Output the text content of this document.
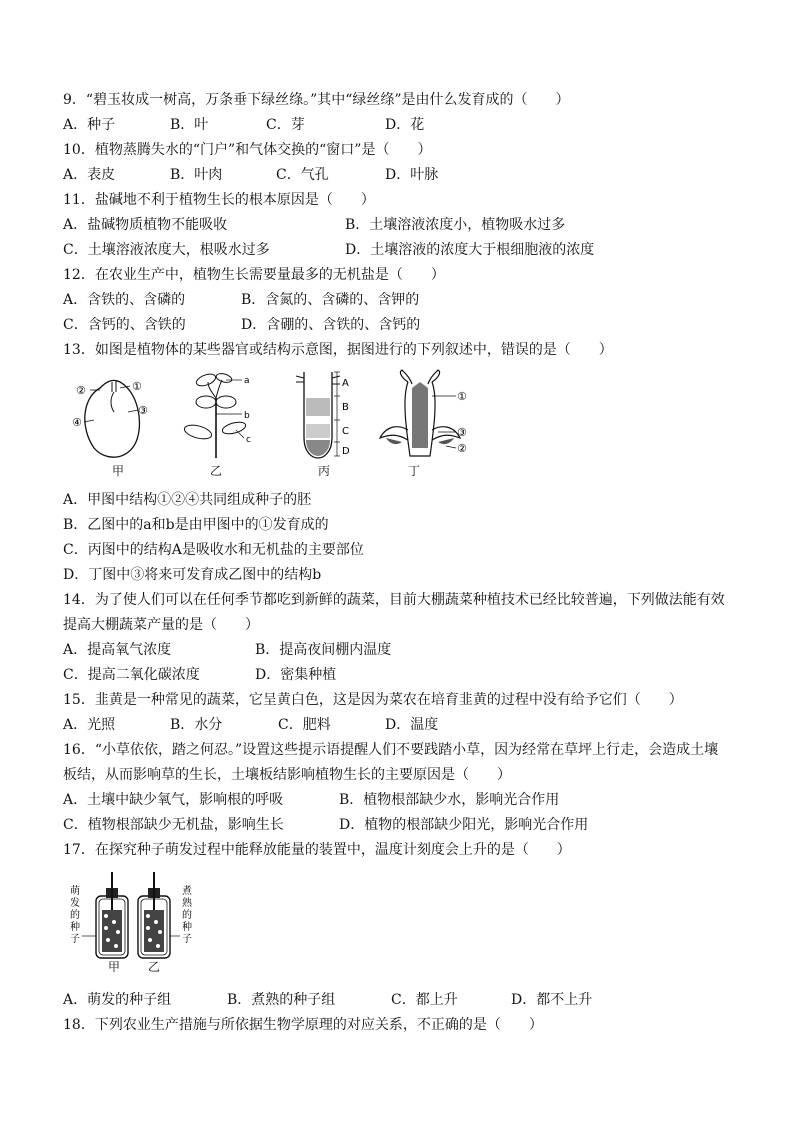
9．“碧玉妆成一树高，万条垂下绿丝绦。”其中“绿丝绦”是由什么发育成的（　　）
A．种子	B．叶	C．芽	D．花
10．植物蒸腾失水的“门户”和气体交换的“窗口”是（　　）
A．表皮	B．叶肉	C．气孔	D．叶脉
11．盐碱地不利于植物生长的根本原因是（　　）
A．盐碱物质植物不能吸收	B．土壤溶液浓度小，植物吸水过多
C．土壤溶液浓度大，根吸水过多	D．土壤溶液的浓度大于根细胞液的浓度
12．在农业生产中，植物生长需要量最多的无机盐是（　　）
A．含铁的、含磷的	B．含氮的、含磷的、含钾的
C．含钙的、含铁的	D．含硼的、含铁的、含钙的
13．如图是植物体的某些器官或结构示意图，据图进行的下列叙述中，错误的是（　　）
②	①
④
③
甲
a
b
c
乙
A
B
C
D
丙
①
③
②
丁
A．甲图中结构①②④共同组成种子的胚
B．乙图中的a和b是由甲图中的①发育成的
C．丙图中的结构A是吸收水和无机盐的主要部位
D．丁图中③将来可发育成乙图中的结构b
14．为了使人们可以在任何季节都吃到新鲜的蔬菜，目前大棚蔬菜种植技术已经比较普遍，下列做法能有效
提高大棚蔬菜产量的是（　　）
A．提高氧气浓度	B．提高夜间棚内温度
C．提高二氧化碳浓度	D．密集种植
15．韭黄是一种常见的蔬菜，它呈黄白色，这是因为菜农在培育韭黄的过程中没有给予它们（　　）
A．光照	B．水分	C．肥料	D．温度
16．“小草依依，踏之何忍。”设置这些提示语提醒人们不要践踏小草，因为经常在草坪上行走，会造成土壤
板结，从而影响草的生长，土壤板结影响植物生长的主要原因是（　　）
A．土壤中缺少氧气，影响根的呼吸	B．植物根部缺少水，影响光合作用
C．植物根部缺少无机盐，影响生长	D．植物的根部缺少阳光，影响光合作用
17．在探究种子萌发过程中能释放能量的装置中，温度计刻度会上升的是（　　）
萌
发
的
种
子
煮
熟
的
种
子
甲	乙
A．萌发的种子组	B．煮熟的种子组	C．都上升	D．都不上升
18．下列农业生产措施与所依据生物学原理的对应关系，不正确的是（　　）
